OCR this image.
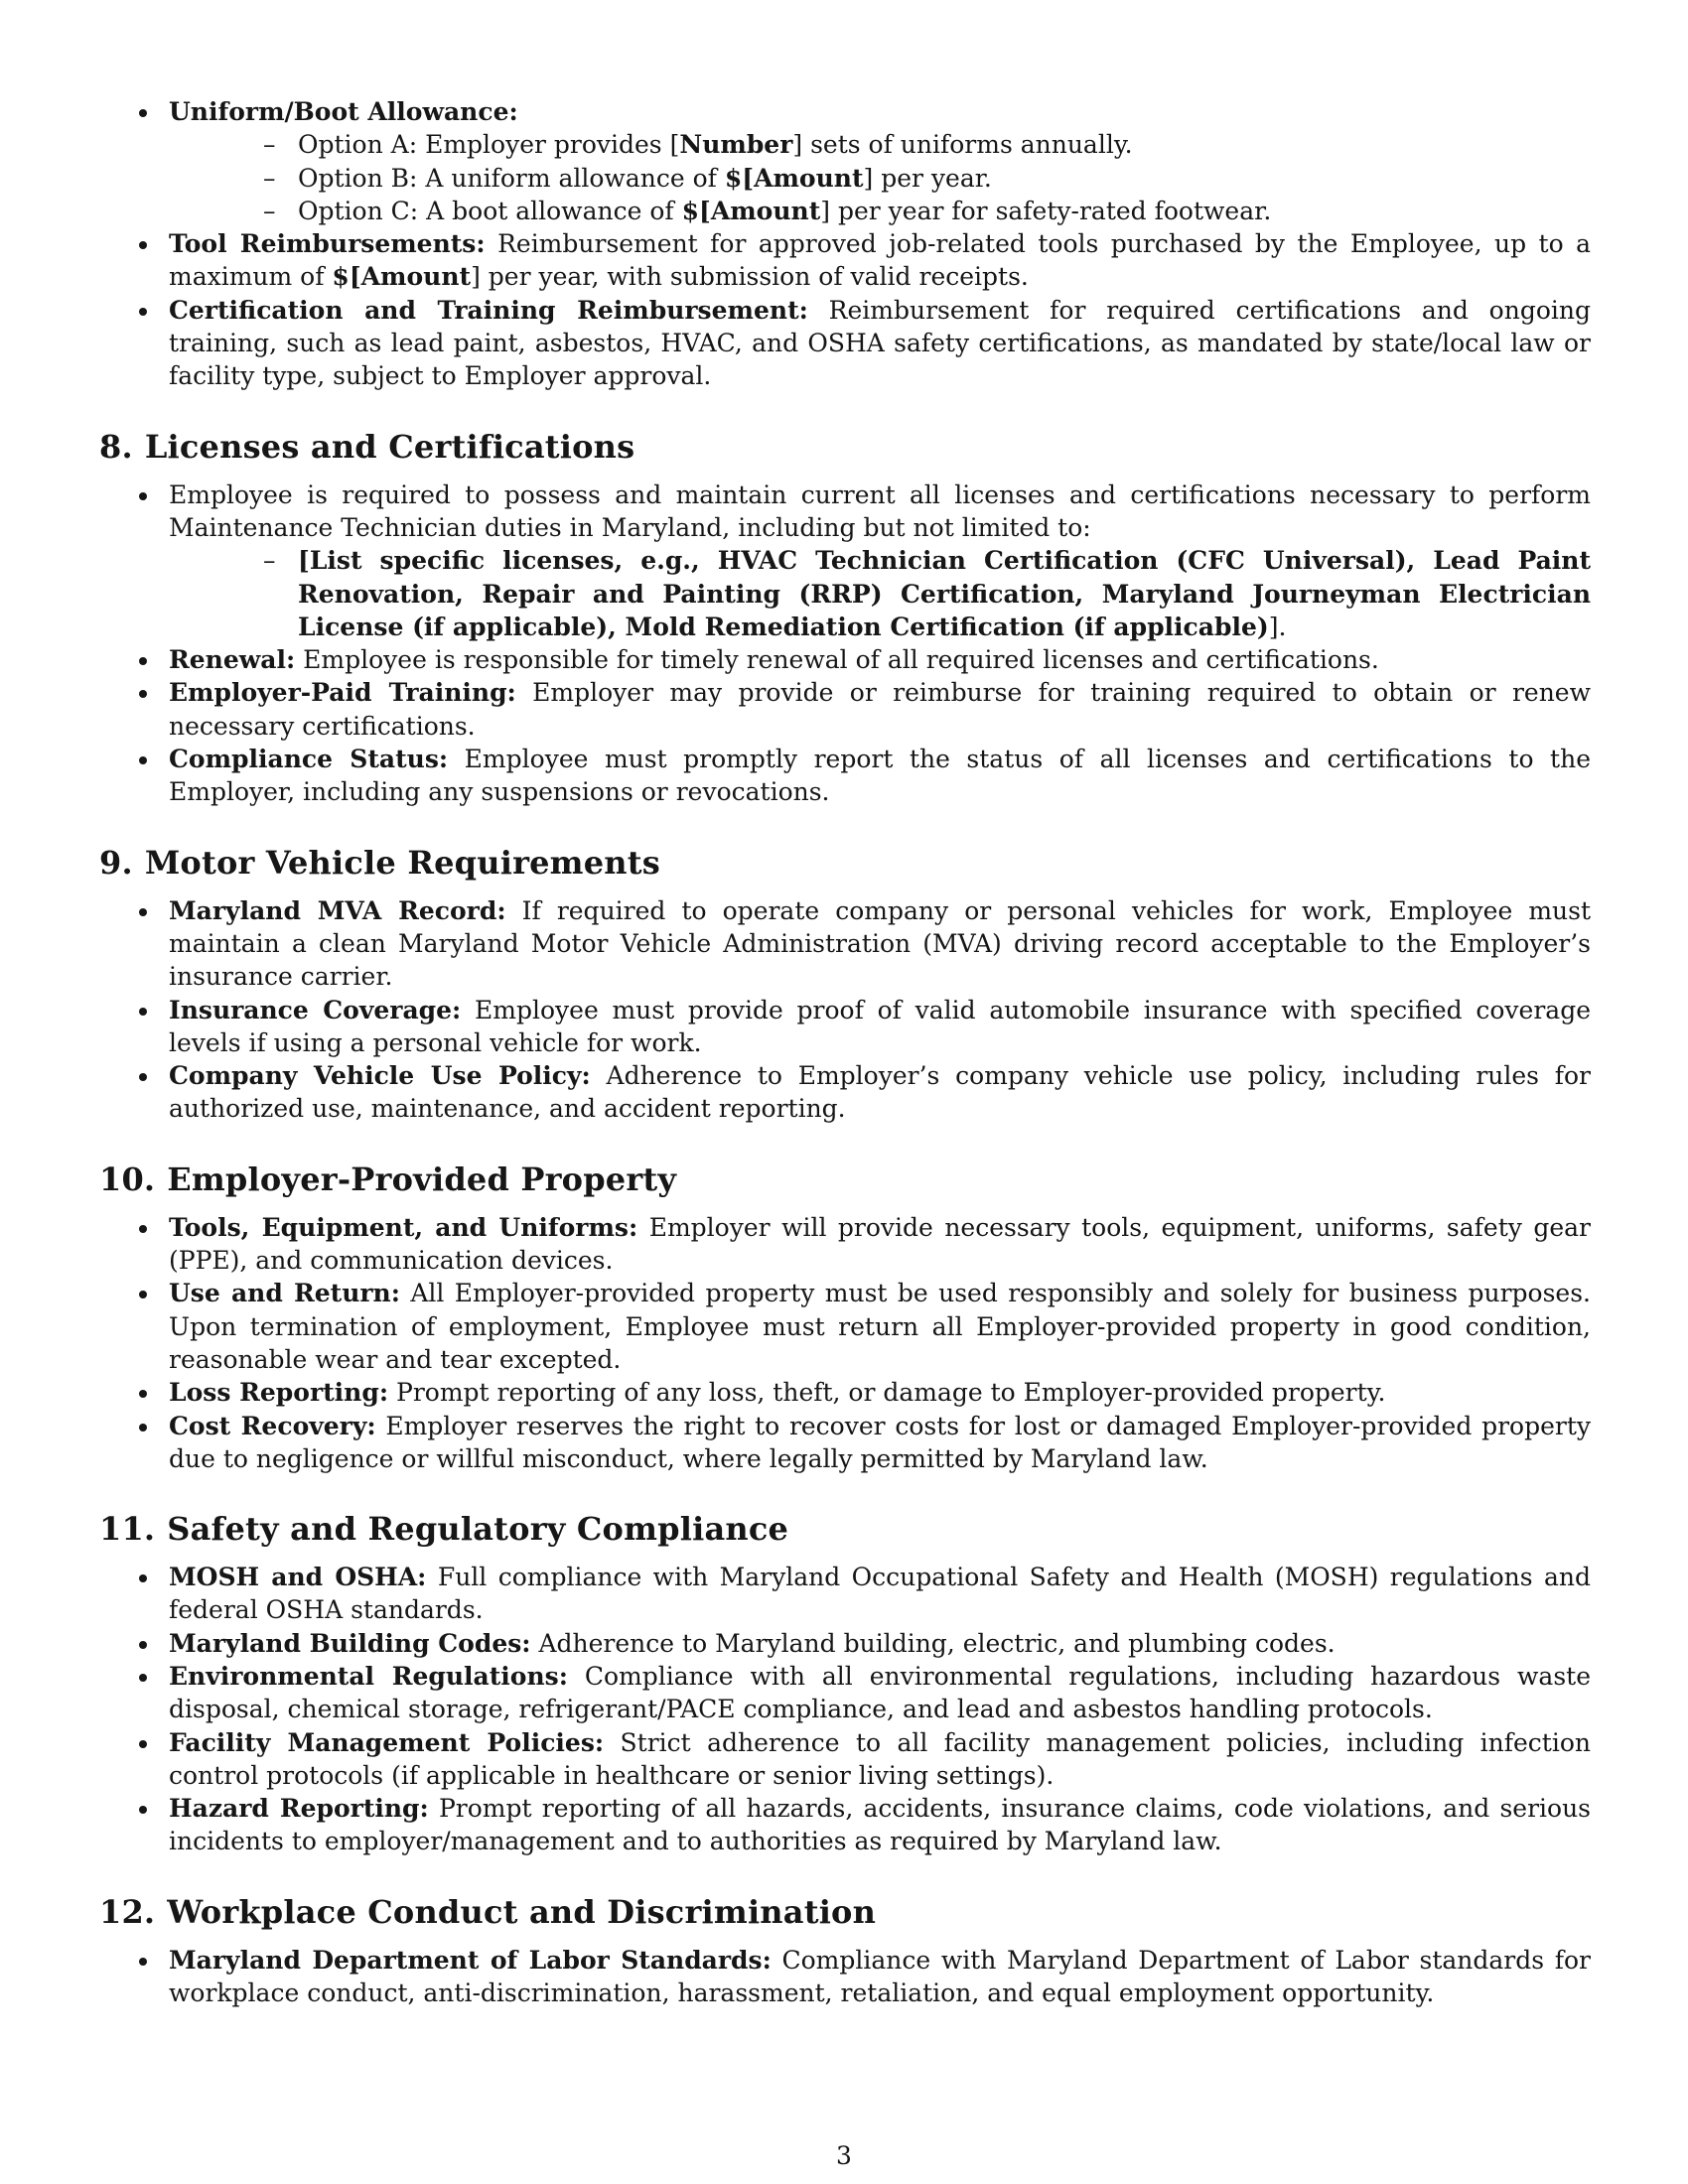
Uniform/Boot Allowance:
– Option A: Employer provides [Number] sets of uniforms annually.
– Option B: A uniform allowance of $[Amount] per year.
– Option C: A boot allowance of $[Amount] per year for safety-rated footwear.
Tool Reimbursements: Reimbursement for approved job-related tools purchased by the Employee, up to a maximum of $[Amount] per year, with submission of valid receipts.
Certification and Training Reimbursement: Reimbursement for required certifications and ongoing training, such as lead paint, asbestos, HVAC, and OSHA safety certifications, as mandated by state/local law or facility type, subject to Employer approval.
8. Licenses and Certifications
Employee is required to possess and maintain current all licenses and certifications necessary to perform Maintenance Technician duties in Maryland, including but not limited to:
– [List specific licenses, e.g., HVAC Technician Certification (CFC Universal), Lead Paint Renovation, Repair and Painting (RRP) Certification, Maryland Journeyman Electrician License (if applicable), Mold Remediation Certification (if applicable)].
Renewal: Employee is responsible for timely renewal of all required licenses and certifications.
Employer-Paid Training: Employer may provide or reimburse for training required to obtain or renew necessary certifications.
Compliance Status: Employee must promptly report the status of all licenses and certifications to the Employer, including any suspensions or revocations.
9. Motor Vehicle Requirements
Maryland MVA Record: If required to operate company or personal vehicles for work, Employee must maintain a clean Maryland Motor Vehicle Administration (MVA) driving record acceptable to the Employer’s insurance carrier.
Insurance Coverage: Employee must provide proof of valid automobile insurance with specified coverage levels if using a personal vehicle for work.
Company Vehicle Use Policy: Adherence to Employer’s company vehicle use policy, including rules for authorized use, maintenance, and accident reporting.
10. Employer-Provided Property
Tools, Equipment, and Uniforms: Employer will provide necessary tools, equipment, uniforms, safety gear (PPE), and communication devices.
Use and Return: All Employer-provided property must be used responsibly and solely for business purposes. Upon termination of employment, Employee must return all Employer-provided property in good condition, reasonable wear and tear excepted.
Loss Reporting: Prompt reporting of any loss, theft, or damage to Employer-provided property.
Cost Recovery: Employer reserves the right to recover costs for lost or damaged Employer-provided property due to negligence or willful misconduct, where legally permitted by Maryland law.
11. Safety and Regulatory Compliance
MOSH and OSHA: Full compliance with Maryland Occupational Safety and Health (MOSH) regulations and federal OSHA standards.
Maryland Building Codes: Adherence to Maryland building, electric, and plumbing codes.
Environmental Regulations: Compliance with all environmental regulations, including hazardous waste disposal, chemical storage, refrigerant/PACE compliance, and lead and asbestos handling protocols.
Facility Management Policies: Strict adherence to all facility management policies, including infection control protocols (if applicable in healthcare or senior living settings).
Hazard Reporting: Prompt reporting of all hazards, accidents, insurance claims, code violations, and serious incidents to employer/management and to authorities as required by Maryland law.
12. Workplace Conduct and Discrimination
Maryland Department of Labor Standards: Compliance with Maryland Department of Labor standards for workplace conduct, anti-discrimination, harassment, retaliation, and equal employment opportunity.
3
